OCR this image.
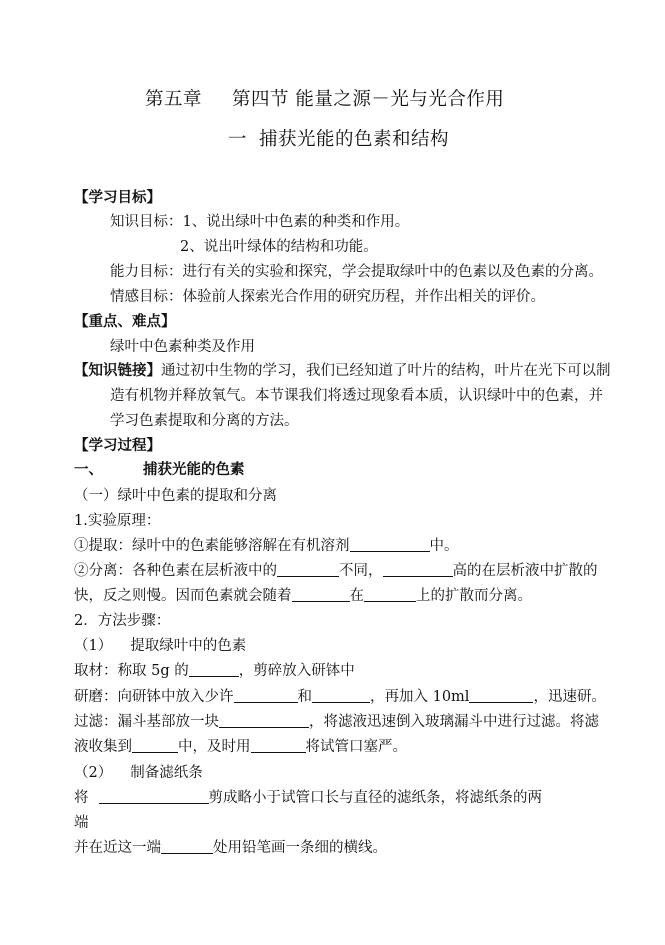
第五章 第四节 能量之源－光与光合作用
一 捕获光能的色素和结构
【学习目标】
知识目标：1、说出绿叶中色素的种类和作用。
2、说出叶绿体的结构和功能。
能力目标：进行有关的实验和探究，学会提取绿叶中的色素以及色素的分离。
情感目标：体验前人探索光合作用的研究历程，并作出相关的评价。
【重点、难点】
绿叶中色素种类及作用
【知识链接】通过初中生物的学习，我们已经知道了叶片的结构，叶片在光下可以制
造有机物并释放氧气。本节课我们将透过现象看本质，认识绿叶中的色素，并
学习色素提取和分离的方法。
【学习过程】
一、	捕获光能的色素
（一）绿叶中色素的提取和分离
1.实验原理：
①提取：绿叶中的色素能够溶解在有机溶剂	中。
②分离：各种色素在层析液中的	不同，	高的在层析液中扩散的
快，反之则慢。因而色素就会随着	在	上的扩散而分离。
2．方法步骤：
（1） 提取绿叶中的色素
取材：称取 5g 的	，剪碎放入研钵中
研磨：向研钵中放入少许	和	，再加入 10ml	，迅速研。
过滤：漏斗基部放一块	，将滤液迅速倒入玻璃漏斗中进行过滤。将滤
液收集到	中，及时用	将试管口塞严。
（2） 制备滤纸条
将	剪成略小于试管口长与直径的滤纸条，将滤纸条的两
端
并在近这一端	处用铅笔画一条细的横线。
